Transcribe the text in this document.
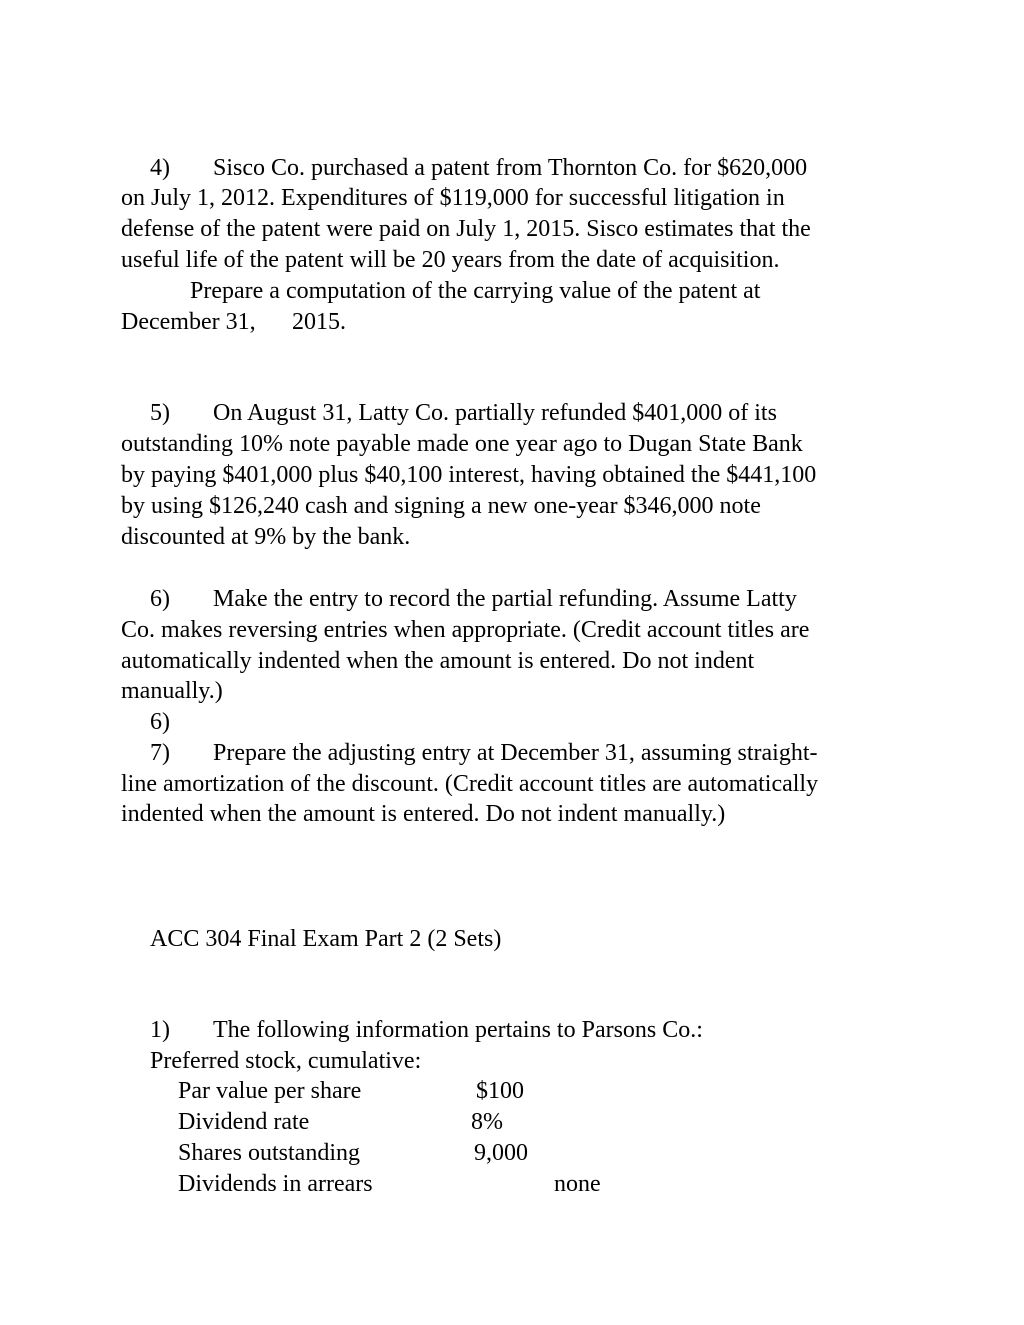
4) Sisco Co. purchased a patent from Thornton Co. for $620,000
on July 1, 2012. Expenditures of $119,000 for successful litigation in
defense of the patent were paid on July 1, 2015. Sisco estimates that the
useful life of the patent will be 20 years from the date of acquisition.
Prepare a computation of the carrying value of the patent at
December 31, 2015.
5) On August 31, Latty Co. partially refunded $401,000 of its
outstanding 10% note payable made one year ago to Dugan State Bank
by paying $401,000 plus $40,100 interest, having obtained the $441,100
by using $126,240 cash and signing a new one-year $346,000 note
discounted at 9% by the bank.
6) Make the entry to record the partial refunding. Assume Latty
Co. makes reversing entries when appropriate. (Credit account titles are
automatically indented when the amount is entered. Do not indent
manually.)
6)
7) Prepare the adjusting entry at December 31, assuming straight-
line amortization of the discount. (Credit account titles are automatically
indented when the amount is entered. Do not indent manually.)
ACC 304 Final Exam Part 2 (2 Sets)
1) The following information pertains to Parsons Co.:
Preferred stock, cumulative:
Par value per share	$100
Dividend rate	8%
Shares outstanding	9,000
Dividends in arrears	none
